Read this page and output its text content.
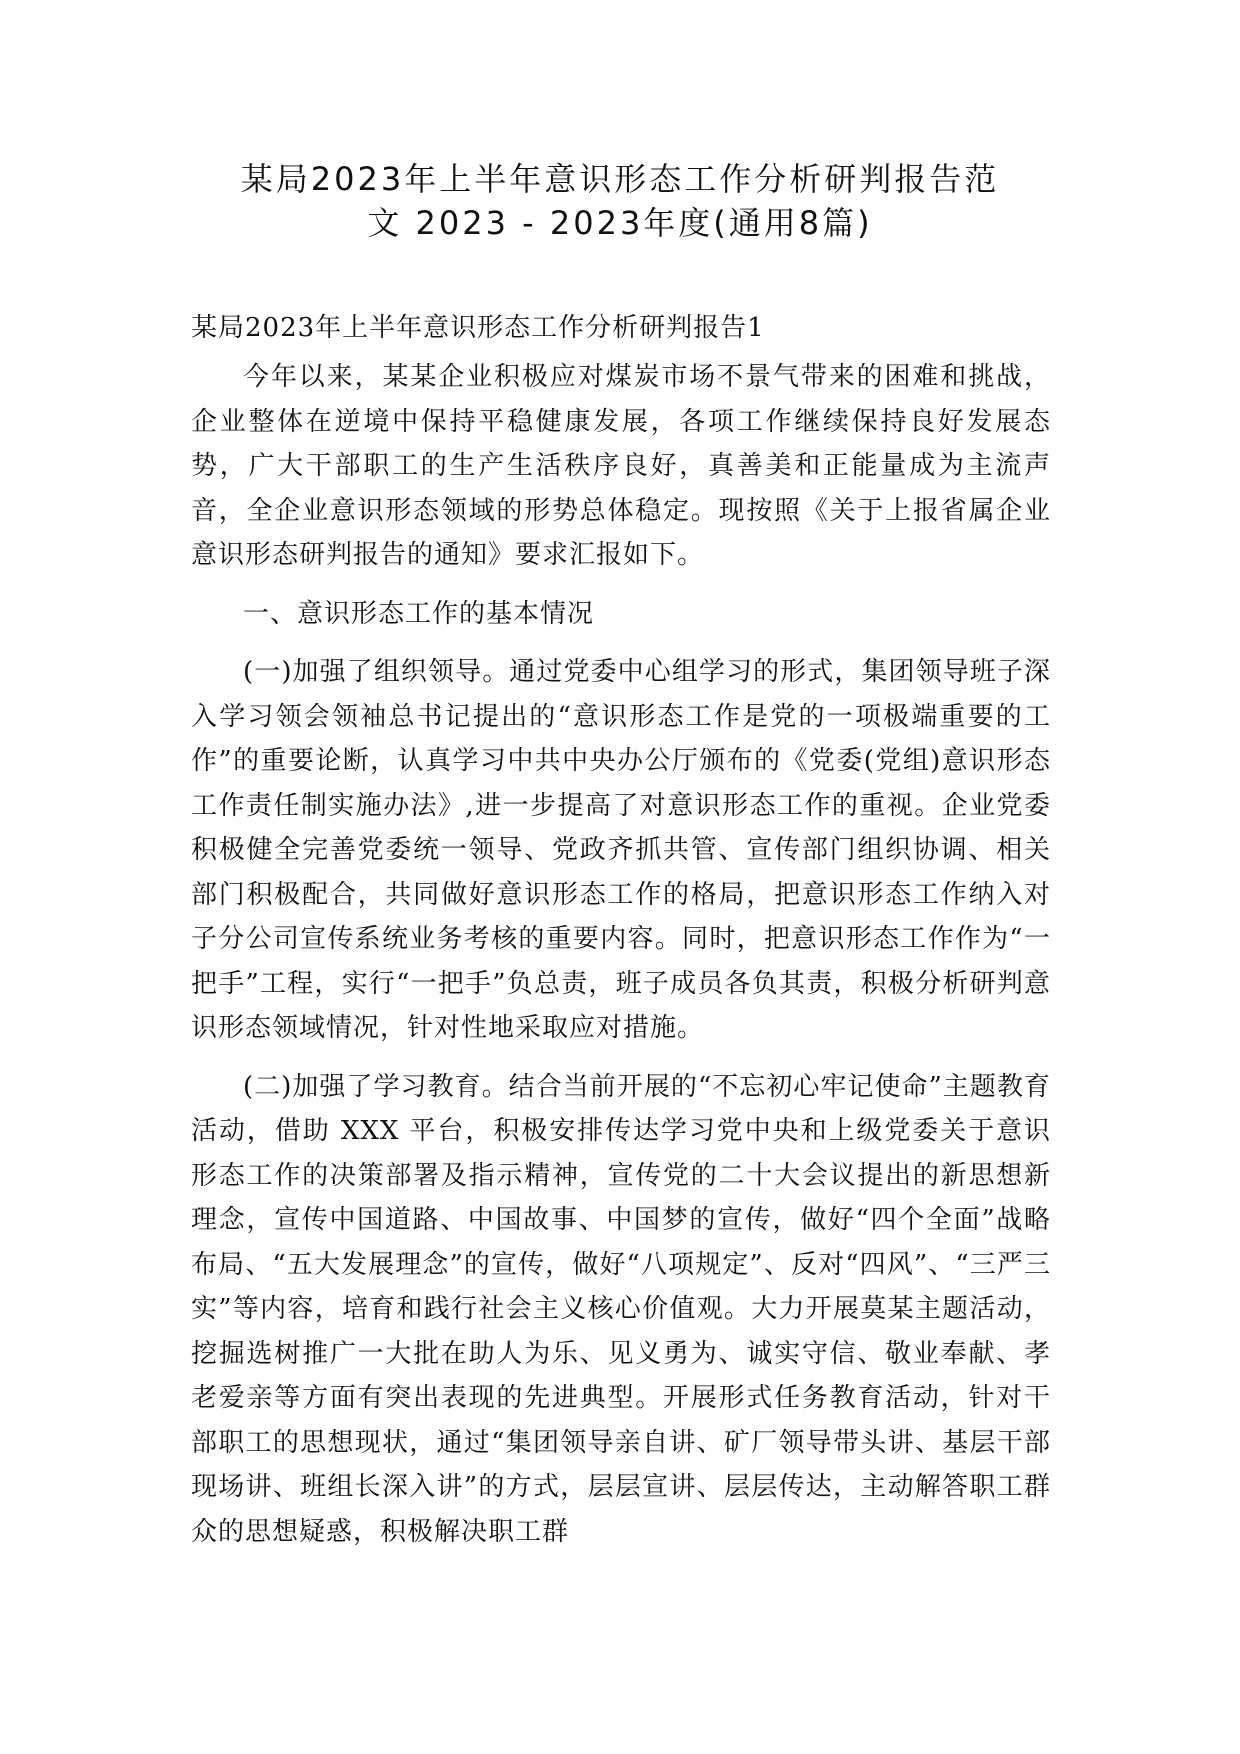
某局2023年上半年意识形态工作分析研判报告范
文 2023 - 2023年度(通用8篇)

某局2023年上半年意识形态工作分析研判报告1

今年以来，某某企业积极应对煤炭市场不景气带来的困难和挑战，企业整体在逆境中保持平稳健康发展，各项工作继续保持良好发展态势，广大干部职工的生产生活秩序良好，真善美和正能量成为主流声音，全企业意识形态领域的形势总体稳定。现按照《关于上报省属企业意识形态研判报告的通知》要求汇报如下。

一、意识形态工作的基本情况

(一)加强了组织领导。通过党委中心组学习的形式，集团领导班子深入学习领会领袖总书记提出的“意识形态工作是党的一项极端重要的工作”的重要论断，认真学习中共中央办公厅颁布的《党委(党组)意识形态工作责任制实施办法》,进一步提高了对意识形态工作的重视。企业党委积极健全完善党委统一领导、党政齐抓共管、宣传部门组织协调、相关部门积极配合，共同做好意识形态工作的格局，把意识形态工作纳入对子分公司宣传系统业务考核的重要内容。同时，把意识形态工作作为“一把手”工程，实行“一把手”负总责，班子成员各负其责，积极分析研判意识形态领域情况，针对性地采取应对措施。

(二)加强了学习教育。结合当前开展的“不忘初心牢记使命”主题教育活动，借助 XXX 平台，积极安排传达学习党中央和上级党委关于意识形态工作的决策部署及指示精神，宣传党的二十大会议提出的新思想新理念，宣传中国道路、中国故事、中国梦的宣传，做好“四个全面”战略布局、“五大发展理念”的宣传，做好“八项规定”、反对“四风”、“三严三实”等内容，培育和践行社会主义核心价值观。大力开展莫某主题活动，挖掘选树推广一大批在助人为乐、见义勇为、诚实守信、敬业奉献、孝老爱亲等方面有突出表现的先进典型。开展形式任务教育活动，针对干部职工的思想现状，通过“集团领导亲自讲、矿厂领导带头讲、基层干部现场讲、班组长深入讲”的方式，层层宣讲、层层传达，主动解答职工群众的思想疑惑，积极解决职工群
